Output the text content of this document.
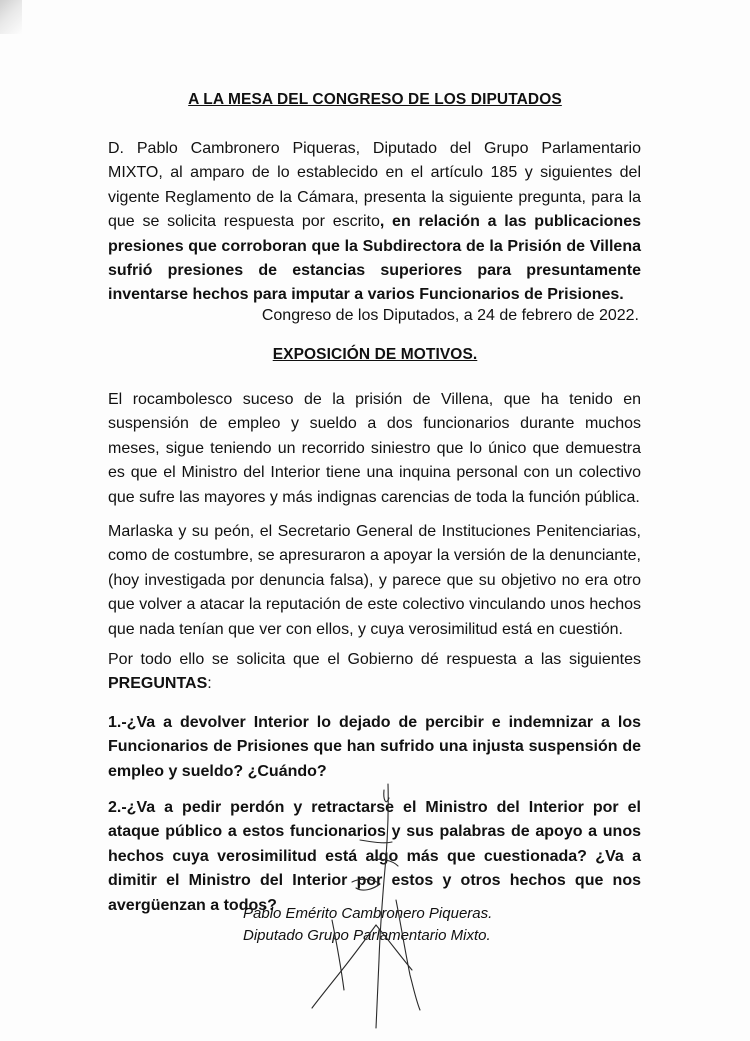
A LA MESA DEL CONGRESO DE LOS DIPUTADOS
D. Pablo Cambronero Piqueras, Diputado del Grupo Parlamentario MIXTO, al amparo de lo establecido en el artículo 185 y siguientes del vigente Reglamento de la Cámara, presenta la siguiente pregunta, para la que se solicita respuesta por escrito, en relación a las publicaciones presiones que corroboran que la Subdirectora de la Prisión de Villena sufrió presiones de estancias superiores para presuntamente inventarse hechos para imputar a varios Funcionarios de Prisiones.
Congreso de los Diputados, a 24 de febrero de 2022.
EXPOSICIÓN DE MOTIVOS.
El rocambolesco suceso de la prisión de Villena, que ha tenido en suspensión de empleo y sueldo a dos funcionarios durante muchos meses, sigue teniendo un recorrido siniestro que lo único que demuestra es que el Ministro del Interior tiene una inquina personal con un colectivo que sufre las mayores y más indignas carencias de toda la función pública.
Marlaska y su peón, el Secretario General de Instituciones Penitenciarias, como de costumbre, se apresuraron a apoyar la versión de la denunciante, (hoy investigada por denuncia falsa), y parece que su objetivo no era otro que volver a atacar la reputación de este colectivo vinculando unos hechos que nada tenían que ver con ellos, y cuya verosimilitud está en cuestión.
Por todo ello se solicita que el Gobierno dé respuesta a las siguientes PREGUNTAS:
1.-¿Va a devolver Interior lo dejado de percibir e indemnizar a los Funcionarios de Prisiones que han sufrido una injusta suspensión de empleo y sueldo? ¿Cuándo?
2.-¿Va a pedir perdón y retractarse el Ministro del Interior por el ataque público a estos funcionarios y sus palabras de apoyo a unos hechos cuya verosimilitud está algo más que cuestionada? ¿Va a dimitir el Ministro del Interior por estos y otros hechos que nos avergüenzan a todos?
Pablo Emérito Cambronero Piqueras.
Diputado Grupo Parlamentario Mixto.
